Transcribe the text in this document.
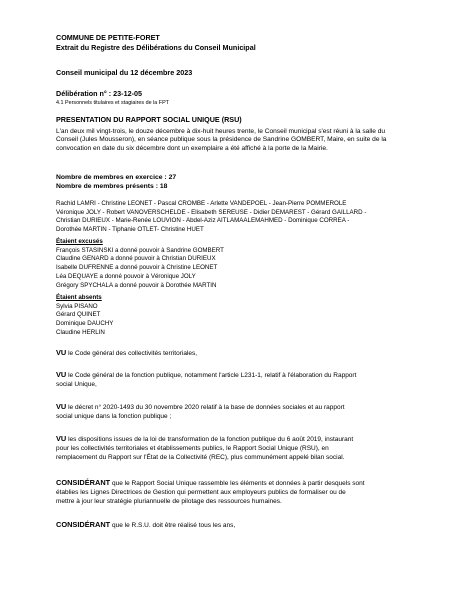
COMMUNE DE PETITE-FORET
Extrait du Registre des Délibérations du Conseil Municipal
Conseil municipal du 12 décembre 2023
Délibération n° : 23-12-05
4.1 Personnels titulaires et stagiaires de la FPT
PRESENTATION DU RAPPORT SOCIAL UNIQUE (RSU)
L'an deux mil vingt-trois, le douze décembre à dix-huit heures trente, le Conseil municipal s'est réuni à la salle du
Conseil (Jules Mousseron), en séance publique sous la présidence de Sandrine GOMBERT, Maire, en suite de la
convocation en date du six décembre dont un exemplaire a été affiché à la porte de la Mairie.
Nombre de membres en exercice : 27
Nombre de membres présents : 18
Rachid LAMRI - Christine LEONET - Pascal CROMBE - Arlette VANDEPOEL - Jean-Pierre POMMEROLE
Véronique JOLY - Robert VANOVERSCHELDE - Elisabeth SEREUSE - Didier DEMAREST - Gérard GAILLARD -
Christian DURIEUX - Marie-Renée LOUVION - Abdel-Aziz AITLAMAALEMAHMED - Dominique CORREA -
Dorothée MARTIN - Tiphanie OTLET- Christine HUET
Étaient excusés
François STASINSKI a donné pouvoir à Sandrine GOMBERT
Claudine GENARD a donné pouvoir à Christian DURIEUX
Isabelle DUFRENNE a donné pouvoir à Christine LEONET
Léa DEQUAYE a donné pouvoir à Véronique JOLY
Grégory SPYCHALA a donné pouvoir à Dorothée MARTIN
Étaient absents
Sylvia PISANO
Gérard QUINET
Dominique DAUCHY
Claudine HERLIN
VU le Code général des collectivités territoriales,
VU le Code général de la fonction publique, notamment l'article L231-1, relatif à l'élaboration du Rapport
social Unique,
VU le décret n° 2020-1493 du 30 novembre 2020 relatif à la base de données sociales et au rapport
social unique dans la fonction publique ;
VU les dispositions issues de la loi de transformation de la fonction publique du 6 août 2019, instaurant
pour les collectivités territoriales et établissements publics, le Rapport Social Unique (RSU), en
remplacement du Rapport sur l'État de la Collectivité (REC), plus communément appelé bilan social.
CONSIDÉRANT que le Rapport Social Unique rassemble les éléments et données à partir desquels sont
établies les Lignes Directrices de Gestion qui permettent aux employeurs publics de formaliser ou de
mettre à jour leur stratégie pluriannuelle de pilotage des ressources humaines.
CONSIDÉRANT que le R.S.U. doit être réalisé tous les ans,
